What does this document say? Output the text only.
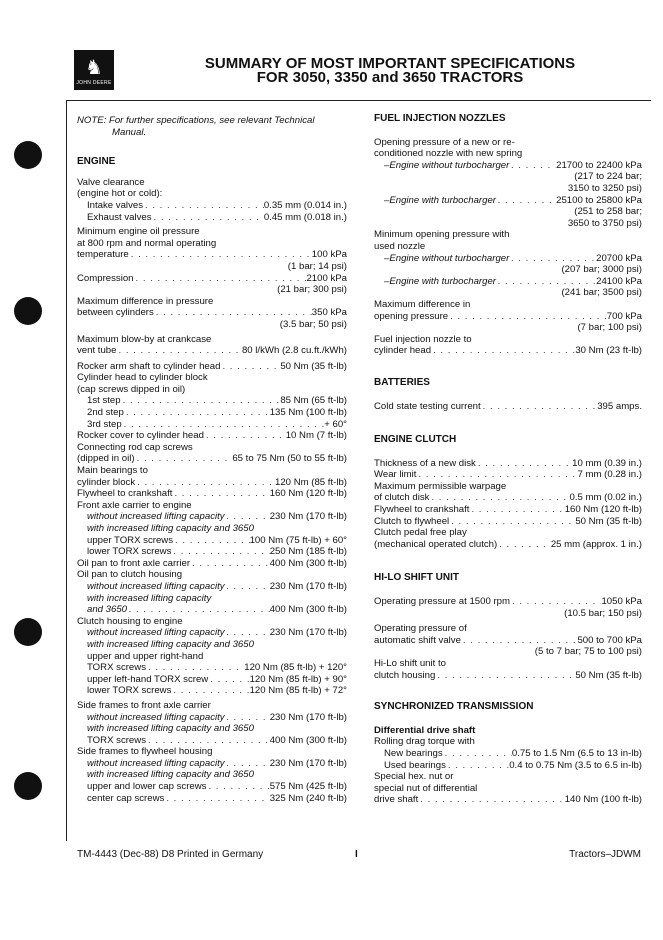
♞
JOHN DEERE
SUMMARY OF MOST IMPORTANT SPECIFICATIONS
FOR 3050, 3350 and 3650 TRACTORS
NOTE: For further specifications, see relevant Technical
Manual.
ENGINE
Valve clearance
(engine hot or cold):
Intake valves . . .	0.35 mm (0.014 in.)
Exhaust valves . . .	0.45 mm (0.018 in.)
Minimum engine oil pressure
at 800 rpm and normal operating
temperature . . .	100 kPa
(1 bar; 14 psi)
Compression . . .	2100 kPa
(21 bar; 300 psi)
Maximum difference in pressure
between cylinders . . .	350 kPa
(3.5 bar; 50 psi)
Maximum blow-by at crankcase
vent tube . . .	80 l/kWh (2.8 cu.ft./kWh)
Rocker arm shaft to cylinder head . . .	50 Nm (35 ft-lb)
Cylinder head to cylinder block
(cap screws dipped in oil)
1st step . . .	85 Nm (65 ft-lb)
2nd step . . .	135 Nm (100 ft-lb)
3rd step . . .	+ 60°
Rocker cover to cylinder head . . .	10 Nm (7 ft-lb)
Connecting rod cap screws
(dipped in oil) . . .	65 to 75 Nm (50 to 55 ft-lb)
Main bearings to
cylinder block . . .	120 Nm (85 ft-lb)
Flywheel to crankshaft . . .	160 Nm (120 ft-lb)
Front axle carrier to engine
without increased lifting capacity . . .	230 Nm (170 ft-lb)
with increased lifting capacity and 3650
upper TORX screws . . .	100 Nm (75 ft-lb) + 60°
lower TORX screws . . .	250 Nm (185 ft-lb)
Oil pan to front axle carrier . . .	400 Nm (300 ft-lb)
Oil pan to clutch housing
without increased lifting capacity . . .	230 Nm (170 ft-lb)
with increased lifting capacity
and 3650 . . .	400 Nm (300 ft-lb)
Clutch housing to engine
without increased lifting capacity . . .	230 Nm (170 ft-lb)
with increased lifting capacity and 3650
upper and upper right-hand
TORX screws . . .	120 Nm (85 ft-lb) + 120°
upper left-hand TORX screw . . .	120 Nm (85 ft-lb) + 90°
lower TORX screws . . .	120 Nm (85 ft-lb) + 72°
Side frames to front axle carrier
without increased lifting capacity . . .	230 Nm (170 ft-lb)
with increased lifting capacity and 3650
TORX screws . . .	400 Nm (300 ft-lb)
Side frames to flywheel housing
without increased lifting capacity . . .	230 Nm (170 ft-lb)
with increased lifting capacity and 3650
upper and lower cap screws . . .	575 Nm (425 ft-lb)
center cap screws . . .	325 Nm (240 ft-lb)
FUEL INJECTION NOZZLES
Opening pressure of a new or re-
conditioned nozzle with new spring
–Engine without turbocharger . . .	21700 to 22400 kPa
(217 to 224 bar;
3150 to 3250 psi)
–Engine with turbocharger . . .	25100 to 25800 kPa
(251 to 258 bar;
3650 to 3750 psi)
Minimum opening pressure with
used nozzle
–Engine without turbocharger . . .	20700 kPa
(207 bar; 3000 psi)
–Engine with turbocharger . . .	24100 kPa
(241 bar; 3500 psi)
Maximum difference in
opening pressure . . .	700 kPa
(7 bar; 100 psi)
Fuel injection nozzle to
cylinder head . . .	30 Nm (23 ft-lb)
BATTERIES
Cold state testing current . . .	395 amps.
ENGINE CLUTCH
Thickness of a new disk . . .	10 mm (0.39 in.)
Wear limit . . .	7 mm (0.28 in.)
Maximum permissible warpage
of clutch disk . . .	0.5 mm (0.02 in.)
Flywheel to crankshaft . . .	160 Nm (120 ft-lb)
Clutch to flywheel . . .	50 Nm (35 ft-lb)
Clutch pedal free play
(mechanical operated clutch) . . .	25 mm (approx. 1 in.)
HI-LO SHIFT UNIT
Operating pressure at 1500 rpm . . .	1050 kPa
(10.5 bar; 150 psi)
Operating pressure of
automatic shift valve . . .	500 to 700 kPa
(5 to 7 bar; 75 to 100 psi)
Hi-Lo shift unit to
clutch housing . . .	50 Nm (35 ft-lb)
SYNCHRONIZED TRANSMISSION
Differential drive shaft
Rolling drag torque with
New bearings . . .	0.75 to 1.5 Nm (6.5 to 13 in-lb)
Used bearings . . .	0.4 to 0.75 Nm (3.5 to 6.5 in-lb)
Special hex. nut or
special nut of differential
drive shaft . . .	140 Nm (100 ft-lb)
TM-4443 (Dec-88) D8 Printed in Germany	I	Tractors–JDWM
